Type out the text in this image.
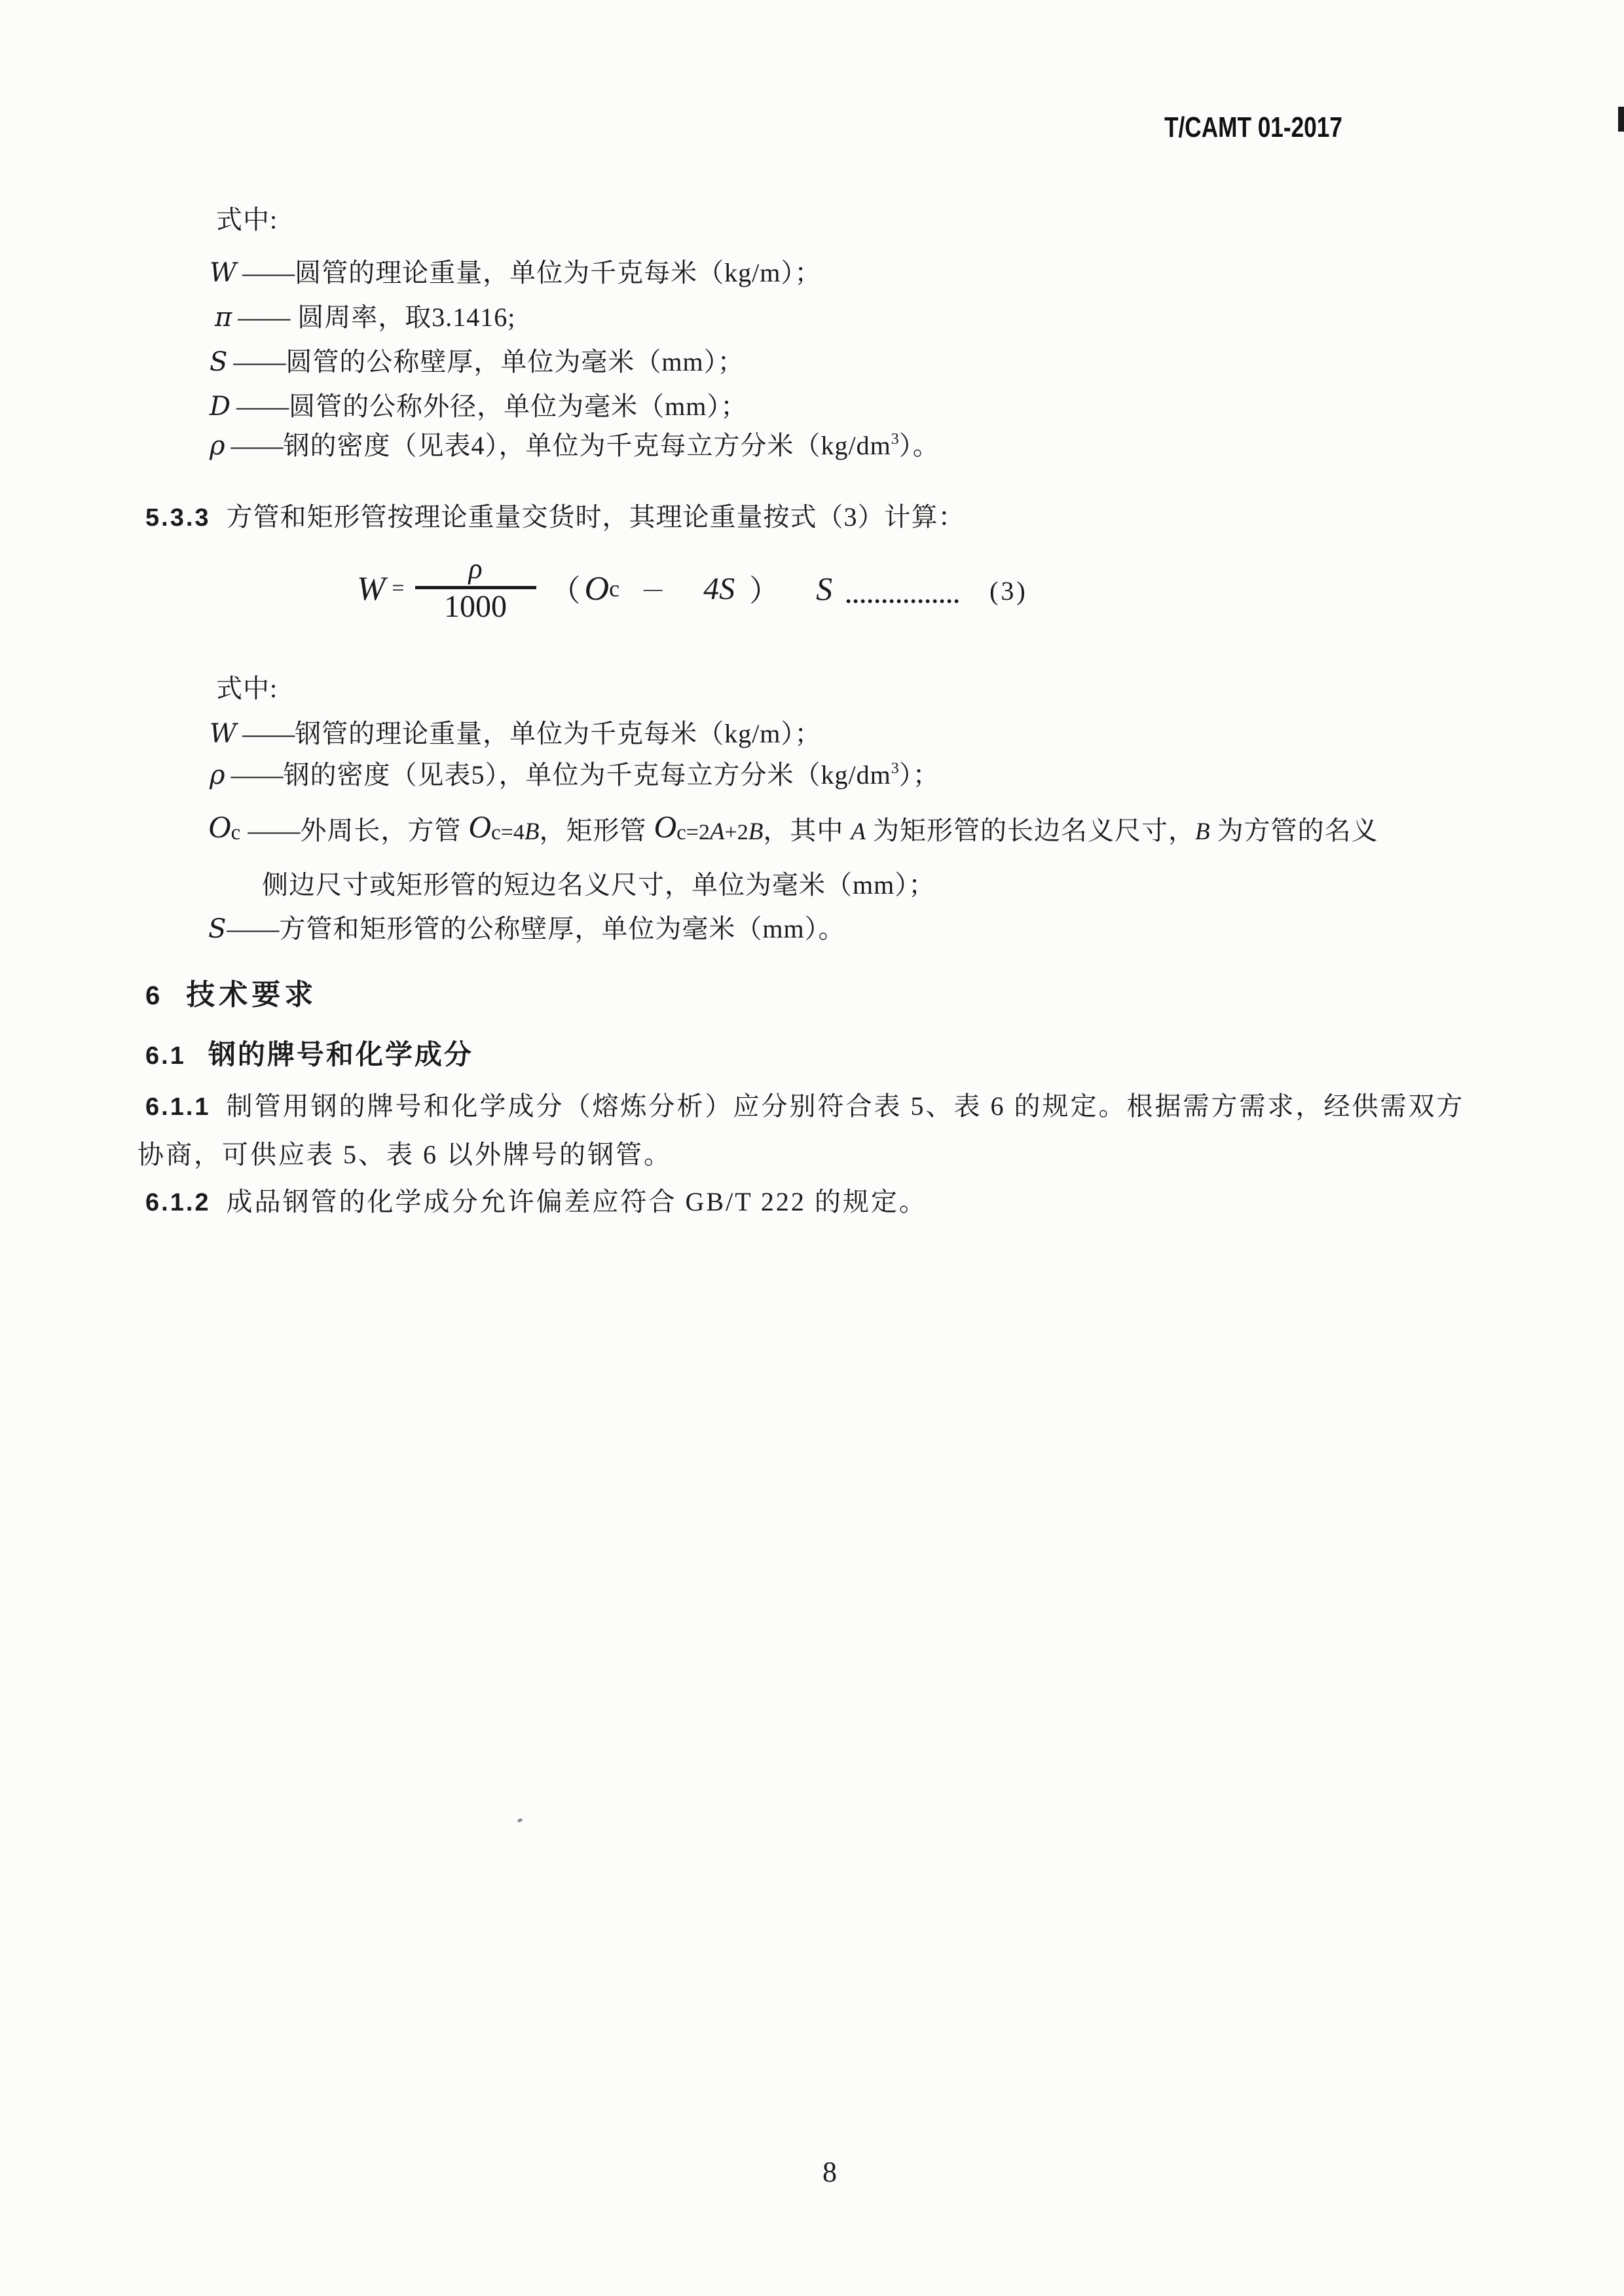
T/CAMT 01-2017
式中:
W ——圆管的理论重量，单位为千克每米（kg/m）；
π —— 圆周率，取3.1416;
S ——圆管的公称壁厚，单位为毫米（mm）；
D ——圆管的公称外径，单位为毫米（mm）；
ρ ——钢的密度（见表4），单位为千克每立方分米$(kg/dm^3)$。
5.3.3 方管和矩形管按理论重量交货时，其理论重量按式（3）计算：
W =
ρ
1000 （ O c － 4S ） S ................ (3)
式中:
W ——钢管的理论重量，单位为千克每米（kg/m）；
ρ ——钢的密度（见表5），单位为千克每立方分米$(kg/dm^3)$；
Oc ——外周长，方管 Oc=4B，矩形管 Oc=2A+2B，其中 A 为矩形管的长边名义尺寸，B 为方管的名义
侧边尺寸或矩形管的短边名义尺寸，单位为毫米（mm）；
S——方管和矩形管的公称壁厚，单位为毫米（mm）。
6 技术要求
6.1 钢的牌号和化学成分
6.1.1 制管用钢的牌号和化学成分（熔炼分析）应分别符合表 5、表 6 的规定。根据需方需求，经供需双方
协商，可供应表 5、表 6 以外牌号的钢管。
6.1.2 成品钢管的化学成分允许偏差应符合 GB/T 222 的规定。
8
